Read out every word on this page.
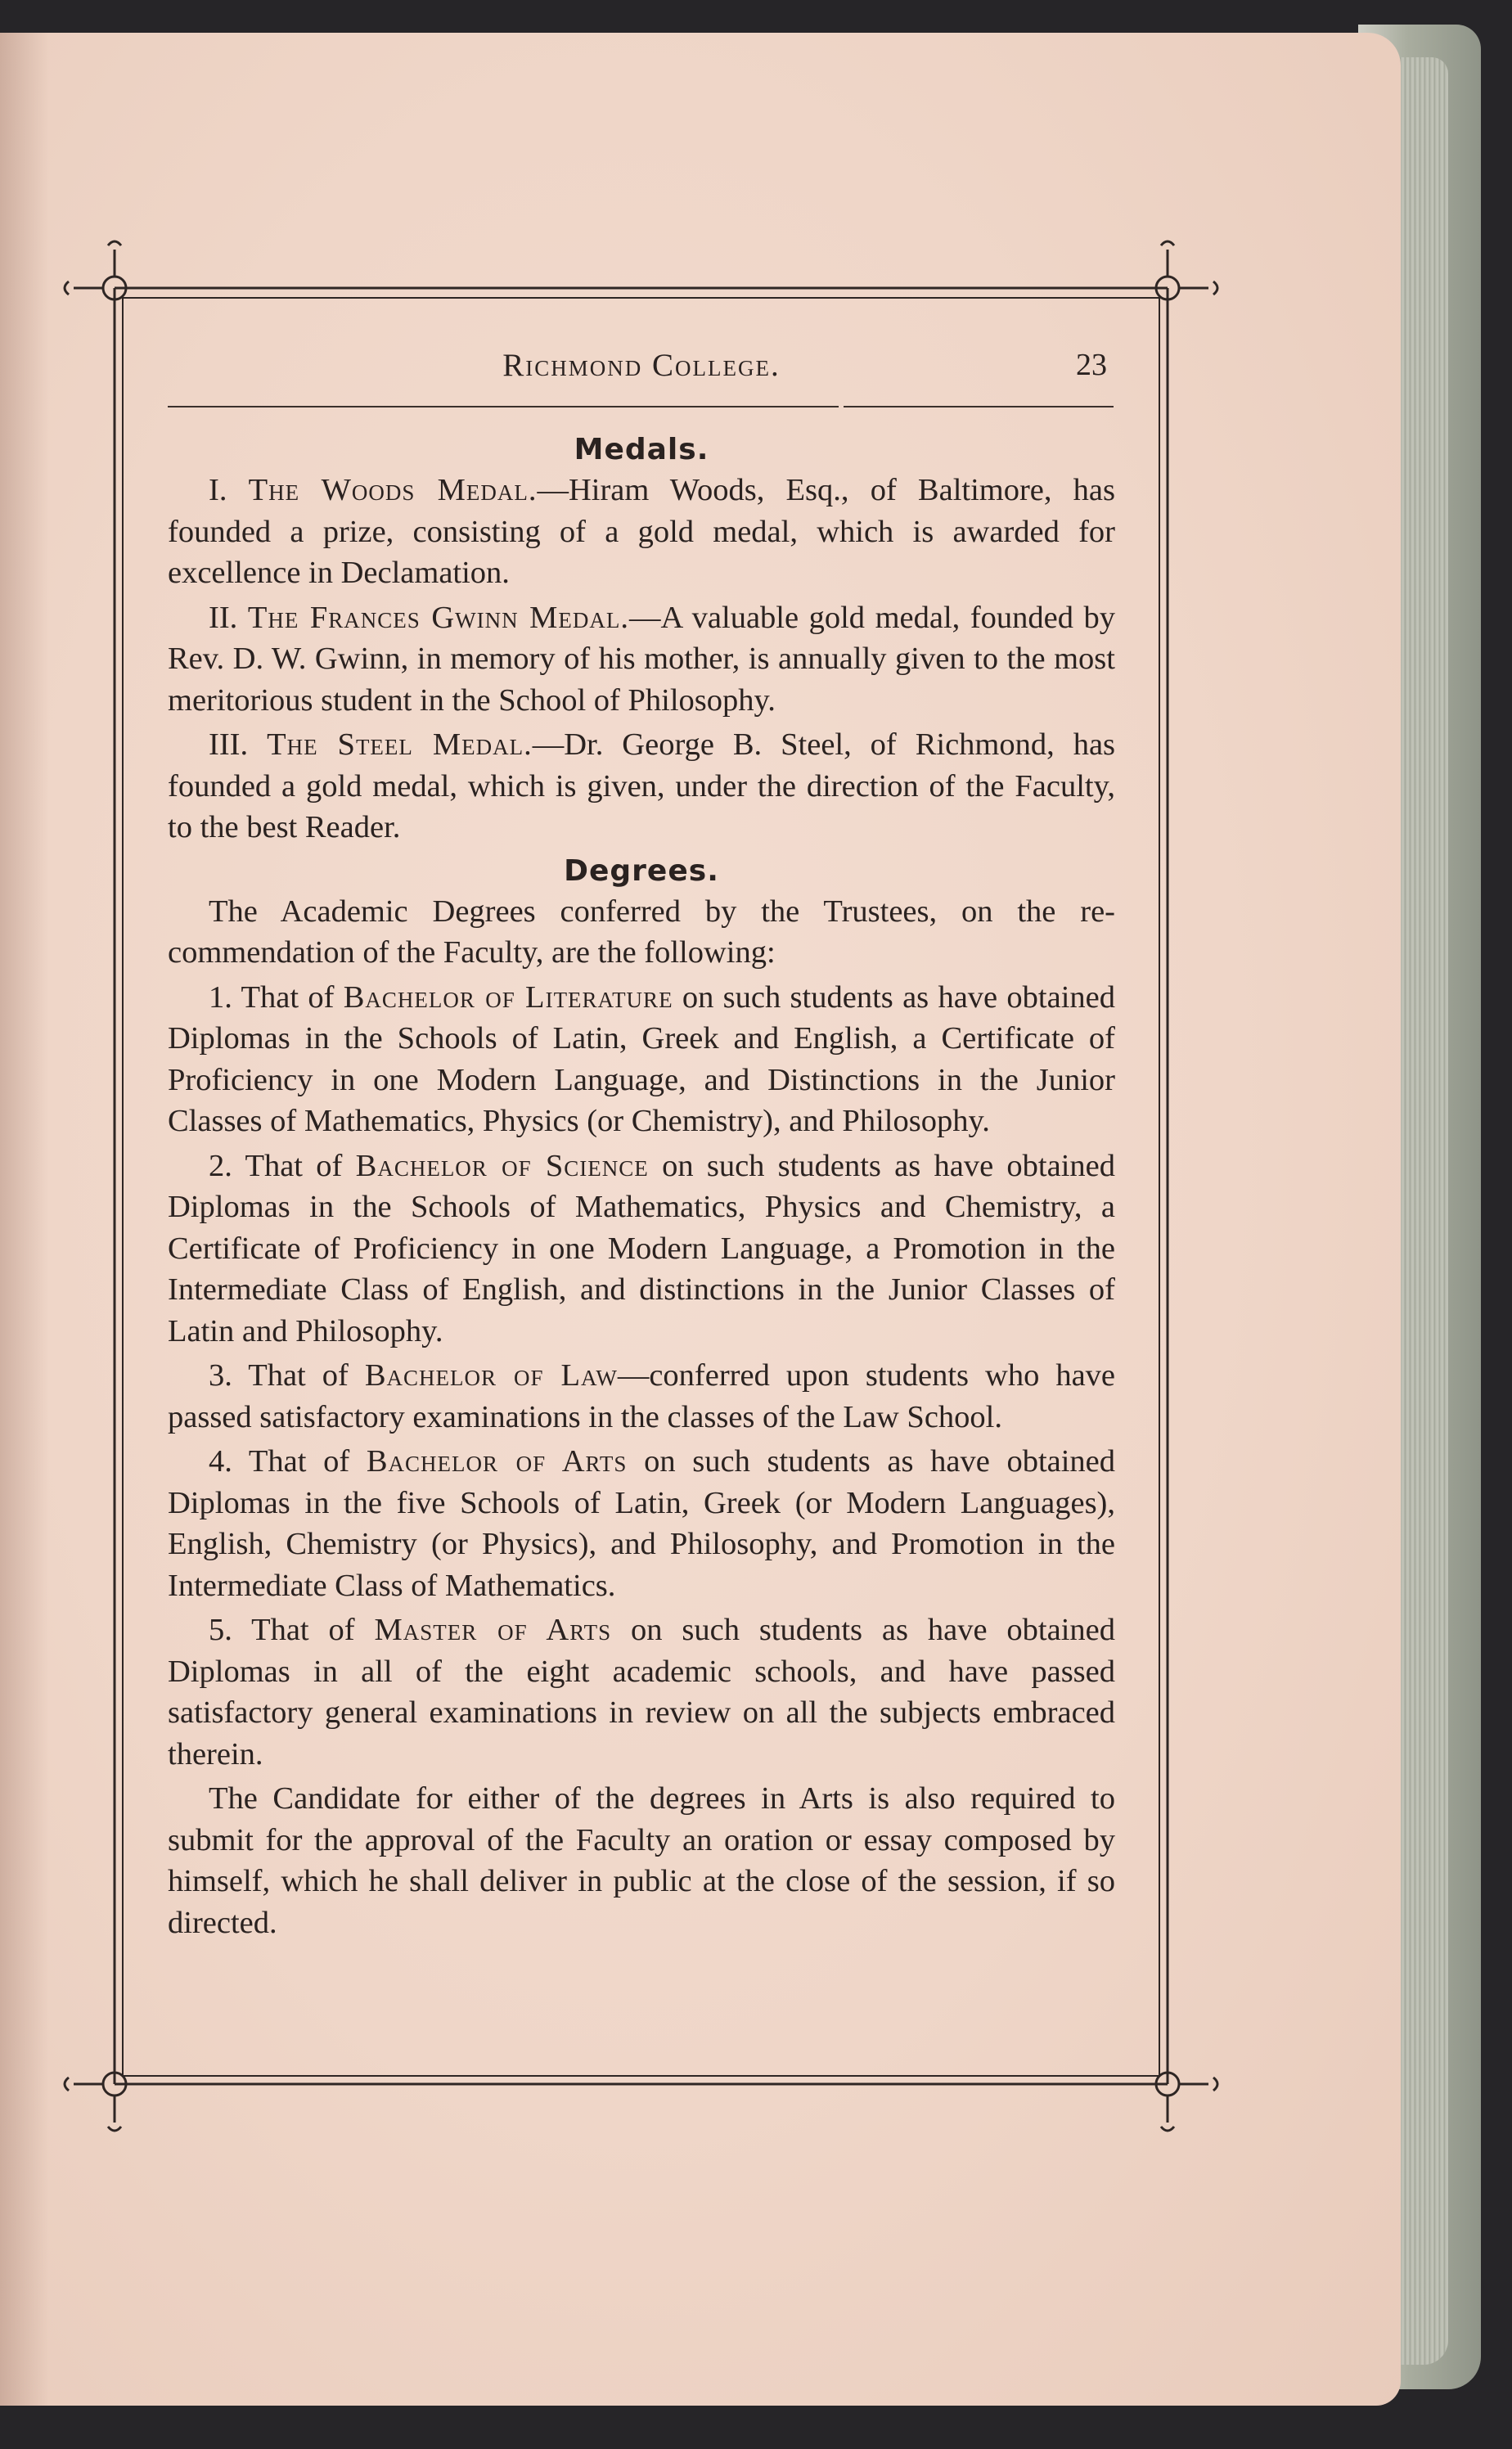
Richmond College.	23
Medals.

I. The Woods Medal.—Hiram Woods, Esq., of Baltimore, has founded a prize, consisting of a gold medal, which is awarded for excellence in Declamation.

II. The Frances Gwinn Medal.—A valuable gold medal, founded by Rev. D. W. Gwinn, in memory of his mother, is annually given to the most meritorious student in the School of Philosophy.

III. The Steel Medal.—Dr. George B. Steel, of Richmond, has founded a gold medal, which is given, under the direction of the Faculty, to the best Reader.

Degrees.

The Academic Degrees conferred by the Trustees, on the recommendation of the Faculty, are the following:

1. That of Bachelor of Literature on such students as have obtained Diplomas in the Schools of Latin, Greek and English, a Certificate of Proficiency in one Modern Language, and Distinctions in the Junior Classes of Mathematics, Physics (or Chemistry), and Philosophy.

2. That of Bachelor of Science on such students as have obtained Diplomas in the Schools of Mathematics, Physics and Chemistry, a Certificate of Proficiency in one Modern Language, a Promotion in the Intermediate Class of English, and distinctions in the Junior Classes of Latin and Philosophy.

3. That of Bachelor of Law—conferred upon students who have passed satisfactory examinations in the classes of the Law School.

4. That of Bachelor of Arts on such students as have obtained Diplomas in the five Schools of Latin, Greek (or Modern Languages), English, Chemistry (or Physics), and Philosophy, and Promotion in the Intermediate Class of Mathematics.

5. That of Master of Arts on such students as have obtained Diplomas in all of the eight academic schools, and have passed satisfactory general examinations in review on all the subjects embraced therein.

The Candidate for either of the degrees in Arts is also required to submit for the approval of the Faculty an oration or essay composed by himself, which he shall deliver in public at the close of the session, if so directed.
